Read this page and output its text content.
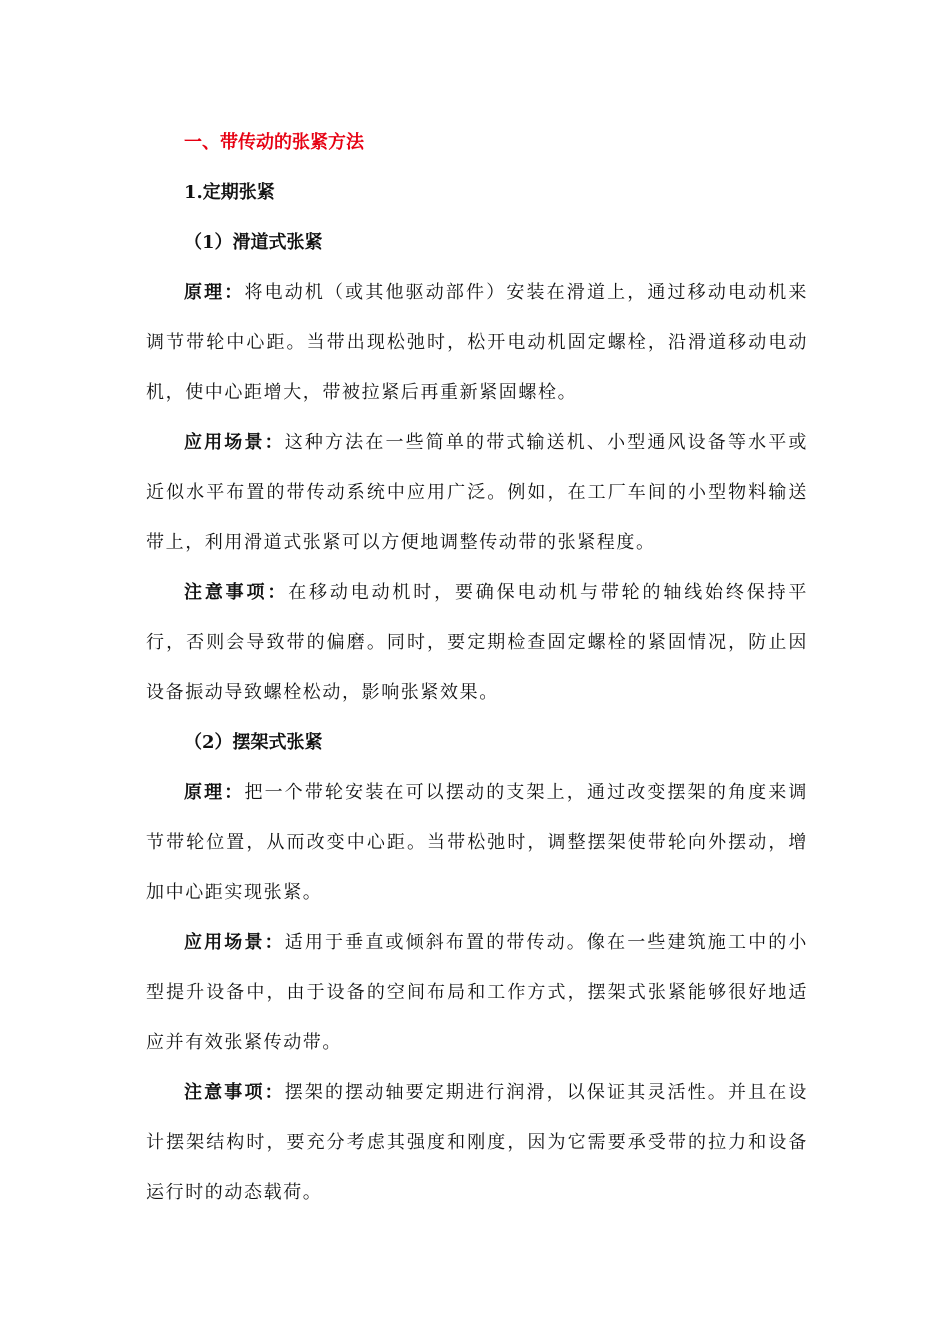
一、带传动的张紧方法
1.定期张紧
（1）滑道式张紧

原理：将电动机（或其他驱动部件）安装在滑道上，通过移动电动机来调节带轮中心距。当带出现松弛时，松开电动机固定螺栓，沿滑道移动电动机，使中心距增大，带被拉紧后再重新紧固螺栓。

应用场景：这种方法在一些简单的带式输送机、小型通风设备等水平或近似水平布置的带传动系统中应用广泛。例如，在工厂车间的小型物料输送带上，利用滑道式张紧可以方便地调整传动带的张紧程度。

注意事项：在移动电动机时，要确保电动机与带轮的轴线始终保持平行，否则会导致带的偏磨。同时，要定期检查固定螺栓的紧固情况，防止因设备振动导致螺栓松动，影响张紧效果。

（2）摆架式张紧

原理：把一个带轮安装在可以摆动的支架上，通过改变摆架的角度来调节带轮位置，从而改变中心距。当带松弛时，调整摆架使带轮向外摆动，增加中心距实现张紧。

应用场景：适用于垂直或倾斜布置的带传动。像在一些建筑施工中的小型提升设备中，由于设备的空间布局和工作方式，摆架式张紧能够很好地适应并有效张紧传动带。

注意事项：摆架的摆动轴要定期进行润滑，以保证其灵活性。并且在设计摆架结构时，要充分考虑其强度和刚度，因为它需要承受带的拉力和设备运行时的动态载荷。
